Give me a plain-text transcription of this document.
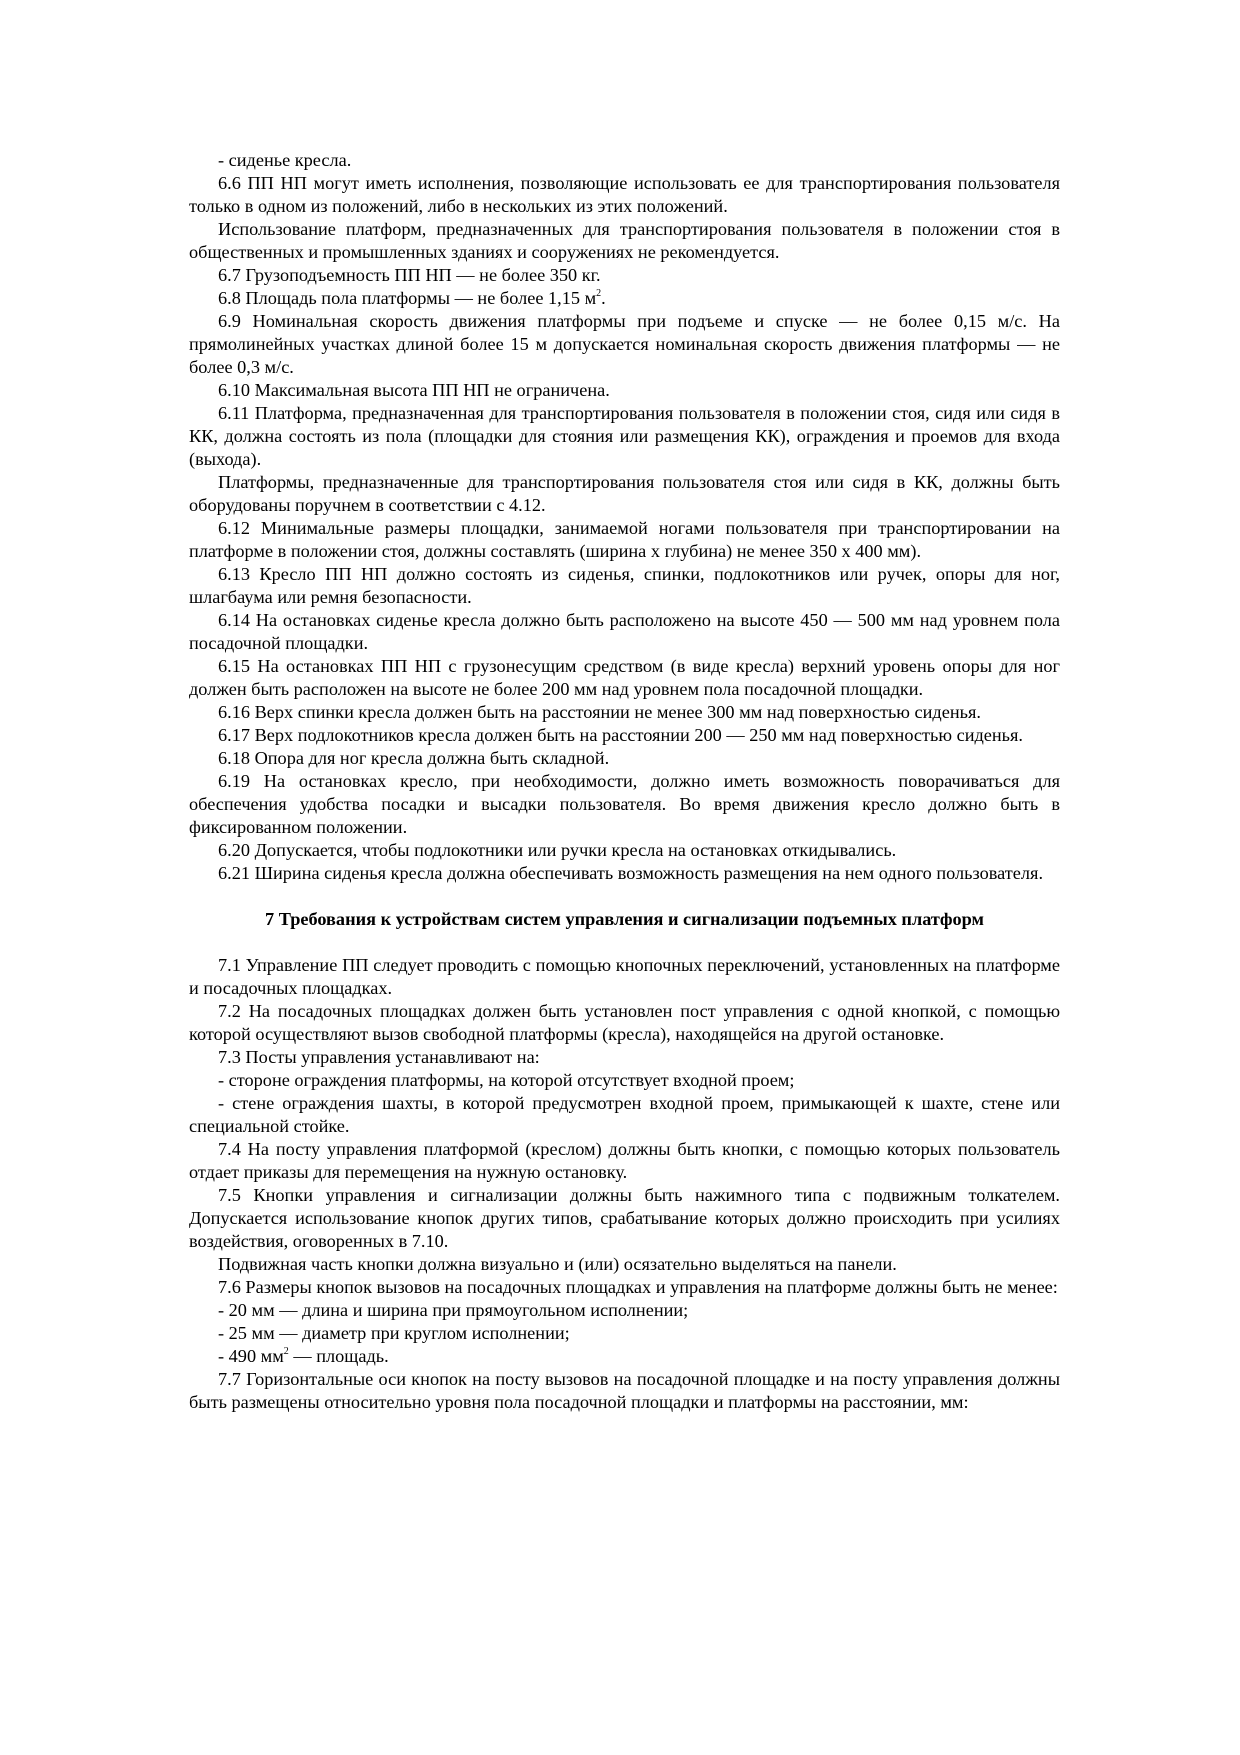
- сиденье кресла.

6.6 ПП НП могут иметь исполнения, позволяющие использовать ее для транспортирования пользователя только в одном из положений, либо в нескольких из этих положений.

Использование платформ, предназначенных для транспортирования пользователя в положении стоя в общественных и промышленных зданиях и сооружениях не рекомендуется.

6.7 Грузоподъемность ПП НП — не более 350 кг.

6.8 Площадь пола платформы — не более 1,15 $м^2$.

6.9 Номинальная скорость движения платформы при подъеме и спуске — не более 0,15 м/с. На прямолинейных участках длиной более 15 м допускается номинальная скорость движения платформы — не более 0,3 м/с.

6.10 Максимальная высота ПП НП не ограничена.

6.11 Платформа, предназначенная для транспортирования пользователя в положении стоя, сидя или сидя в КК, должна состоять из пола (площадки для стояния или размещения КК), ограждения и проемов для входа (выхода).

Платформы, предназначенные для транспортирования пользователя стоя или сидя в КК, должны быть оборудованы поручнем в соответствии с 4.12.

6.12 Минимальные размеры площадки, занимаемой ногами пользователя при транспортировании на платформе в положении стоя, должны составлять (ширина х глубина) не менее 350 х 400 мм).

6.13 Кресло ПП НП должно состоять из сиденья, спинки, подлокотников или ручек, опоры для ног, шлагбаума или ремня безопасности.

6.14 На остановках сиденье кресла должно быть расположено на высоте 450 — 500 мм над уровнем пола посадочной площадки.

6.15 На остановках ПП НП с грузонесущим средством (в виде кресла) верхний уровень опоры для ног должен быть расположен на высоте не более 200 мм над уровнем пола посадочной площадки.

6.16 Верх спинки кресла должен быть на расстоянии не менее 300 мм над поверхностью сиденья.

6.17 Верх подлокотников кресла должен быть на расстоянии 200 — 250 мм над поверхностью сиденья.

6.18 Опора для ног кресла должна быть складной.

6.19 На остановках кресло, при необходимости, должно иметь возможность поворачиваться для обеспечения удобства посадки и высадки пользователя. Во время движения кресло должно быть в фиксированном положении.

6.20 Допускается, чтобы подлокотники или ручки кресла на остановках откидывались.

6.21 Ширина сиденья кресла должна обеспечивать возможность размещения на нем одного пользователя.

7 Требования к устройствам систем управления и сигнализации подъемных платформ

7.1 Управление ПП следует проводить с помощью кнопочных переключений, установленных на платформе и посадочных площадках.

7.2 На посадочных площадках должен быть установлен пост управления с одной кнопкой, с помощью которой осуществляют вызов свободной платформы (кресла), находящейся на другой остановке.

7.3 Посты управления устанавливают на:

- стороне ограждения платформы, на которой отсутствует входной проем;

- стене ограждения шахты, в которой предусмотрен входной проем, примыкающей к шахте, стене или специальной стойке.

7.4 На посту управления платформой (креслом) должны быть кнопки, с помощью которых пользователь отдает приказы для перемещения на нужную остановку.

7.5 Кнопки управления и сигнализации должны быть нажимного типа с подвижным толкателем. Допускается использование кнопок других типов, срабатывание которых должно происходить при усилиях воздействия, оговоренных в 7.10.

Подвижная часть кнопки должна визуально и (или) осязательно выделяться на панели.

7.6 Размеры кнопок вызовов на посадочных площадках и управления на платформе должны быть не менее:

- 20 мм — длина и ширина при прямоугольном исполнении;

- 25 мм — диаметр при круглом исполнении;

- 490 $мм^2$ — площадь.

7.7 Горизонтальные оси кнопок на посту вызовов на посадочной площадке и на посту управления должны быть размещены относительно уровня пола посадочной площадки и платформы на расстоянии, мм:
